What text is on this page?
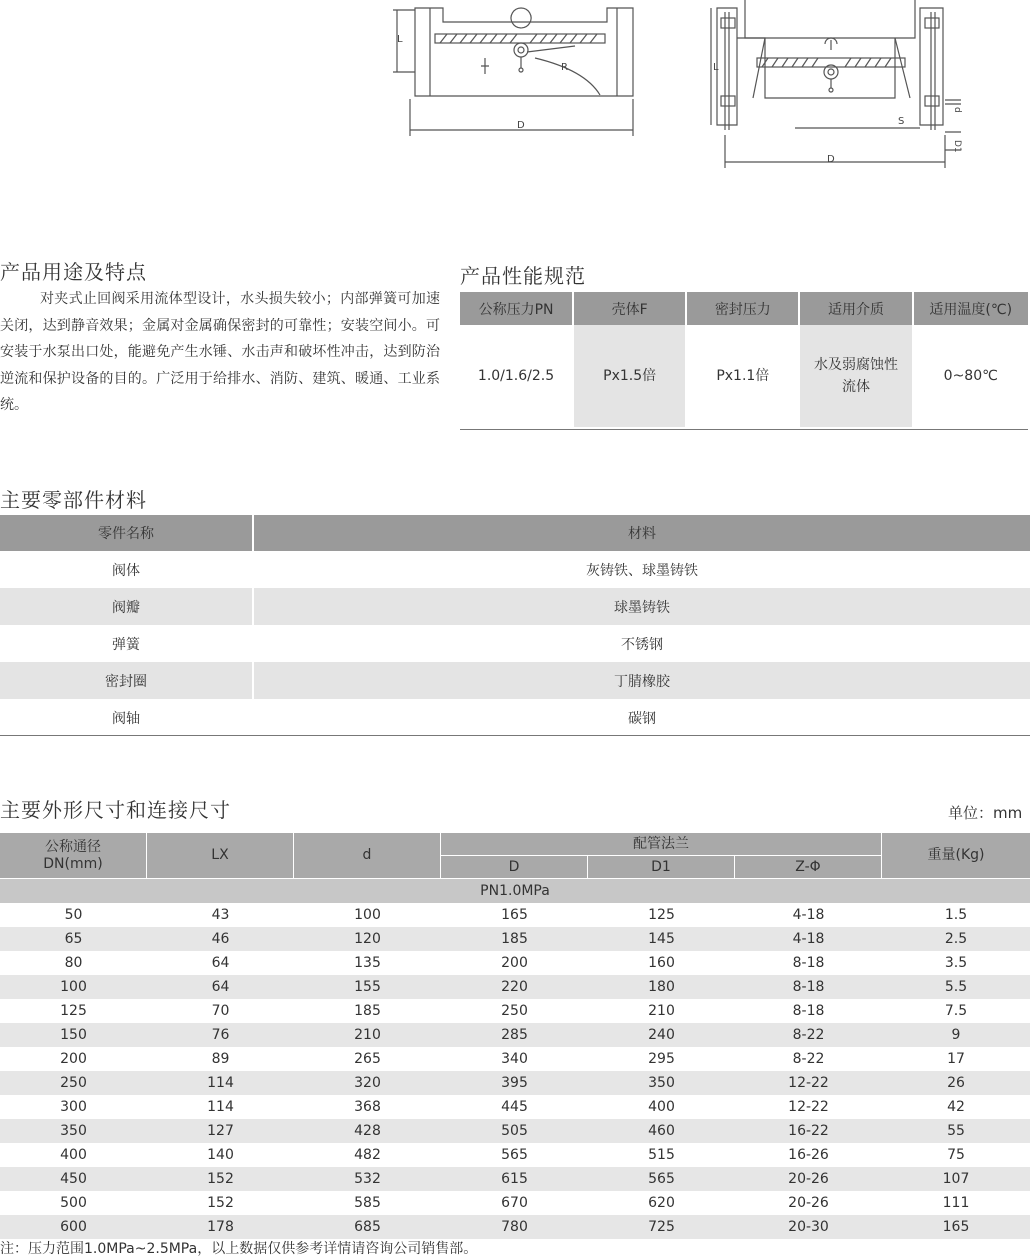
L
R
D
L
S
D
d
D1
产品用途及特点
对夹式止回阀采用流体型设计，水头损失较小；内部弹簧可加速关闭，达到静音效果；金属对金属确保密封的可靠性；安装空间小。可安装于水泵出口处，能避免产生水锤、水击声和破坏性冲击，达到防治逆流和保护设备的目的。广泛用于给排水、消防、建筑、暖通、工业系统。
产品性能规范
公称压力PN	壳体F	密封压力	适用介质	适用温度(℃)
1.0/1.6/2.5	Px1.5倍	Px1.1倍	水及弱腐蚀性流体	0~80℃
主要零部件材料
零件名称	材料
阀体	灰铸铁、球墨铸铁
阀瓣	球墨铸铁
弹簧	不锈钢
密封圈	丁腈橡胶
阀轴	碳钢
主要外形尺寸和连接尺寸	单位：mm
公称通径DN(mm)	LX	d	配管法兰			重量(Kg)
			D	D1	Z-Φ	
PN1.0MPa						
50	43	100	165	125	4-18	1.5
65	46	120	185	145	4-18	2.5
80	64	135	200	160	8-18	3.5
100	64	155	220	180	8-18	5.5
125	70	185	250	210	8-18	7.5
150	76	210	285	240	8-22	9
200	89	265	340	295	8-22	17
250	114	320	395	350	12-22	26
300	114	368	445	400	12-22	42
350	127	428	505	460	16-22	55
400	140	482	565	515	16-26	75
450	152	532	615	565	20-26	107
500	152	585	670	620	20-26	111
600	178	685	780	725	20-30	165
注：压力范围1.0MPa~2.5MPa，以上数据仅供参考详情请咨询公司销售部。
